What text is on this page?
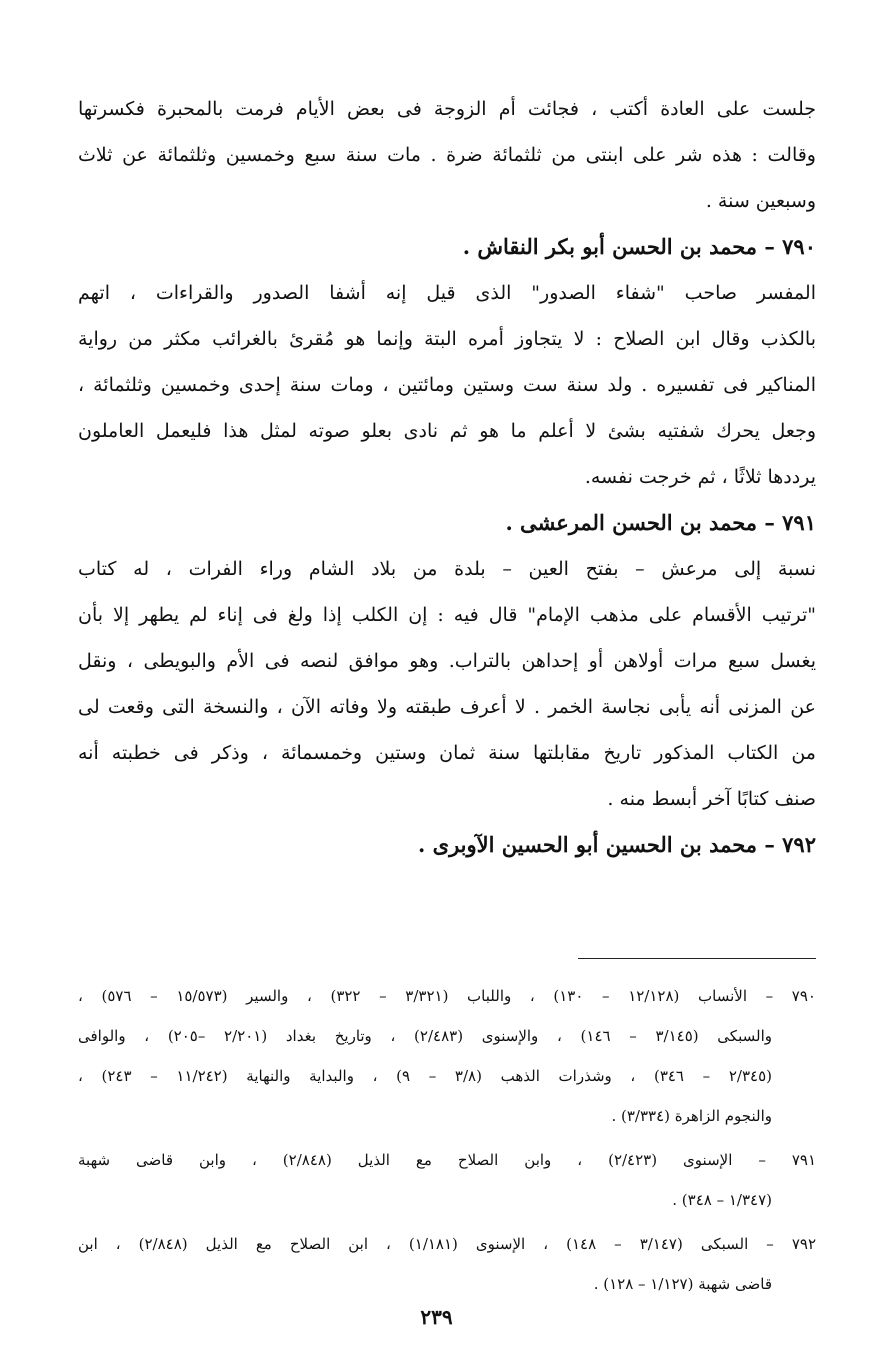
جلست على العادة أكتب ، فجائت أم الزوجة فى بعض الأيام فرمت بالمحبرة فكسرتها
وقالت : هذه شر على ابنتى من ثلثمائة ضرة . مات سنة سبع وخمسين وثلثمائة عن ثلاث
وسبعين سنة .
٧٩٠ – محمد بن الحسن أبو بكر النقاش .
المفسر صاحب "شفاء الصدور" الذى قيل إنه أشفا الصدور والقراءات ، اتهم
بالكذب وقال ابن الصلاح : لا يتجاوز أمره البتة وإنما هو مُقرئ بالغرائب مكثر من رواية
المناكير فى تفسيره . ولد سنة ست وستين ومائتين ، ومات سنة إحدى وخمسين وثلثمائة ،
وجعل يحرك شفتيه بشئ لا أعلم ما هو ثم نادى بعلو صوته لمثل هذا فليعمل العاملون
يرددها ثلاثًا ، ثم خرجت نفسه.
٧٩١ – محمد بن الحسن المرعشى .
نسبة إلى مرعش – بفتح العين – بلدة من بلاد الشام وراء الفرات ، له كتاب
"ترتيب الأقسام على مذهب الإمام" قال فيه : إن الكلب إذا ولغ فى إناء لم يطهر إلا بأن
يغسل سبع مرات أولاهن أو إحداهن بالتراب. وهو موافق لنصه فى الأم والبويطى ، ونقل
عن المزنى أنه يأبى نجاسة الخمر . لا أعرف طبقته ولا وفاته الآن ، والنسخة التى وقعت لى
من الكتاب المذكور تاريخ مقابلتها سنة ثمان وستين وخمسمائة ، وذكر فى خطبته أنه
صنف كتابًا آخر أبسط منه .
٧٩٢ – محمد بن الحسين أبو الحسين الآوبرى .
٧٩٠ – الأنساب (١٢/١٢٨ – ١٣٠) ، واللباب (٣/٣٢١ – ٣٢٢) ، والسير (١٥/٥٧٣ – ٥٧٦) ،
والسبكى (٣/١٤٥ – ١٤٦) ، والإسنوى (٢/٤٨٣) ، وتاريخ بغداد (٢/٢٠١ –٢٠٥) ، والوافى
(٢/٣٤٥ – ٣٤٦) ، وشذرات الذهب (٣/٨ – ٩) ، والبداية والنهاية (١١/٢٤٢ – ٢٤٣) ،
والنجوم الزاهرة (٣/٣٣٤) .
٧٩١ – الإسنوى (٢/٤٢٣) ، وابن الصلاح مع الذيل (٢/٨٤٨) ، وابن قاضى شهبة
(١/٣٤٧ – ٣٤٨) .
٧٩٢ – السبكى (٣/١٤٧ – ١٤٨) ، الإسنوى (١/١٨١) ، ابن الصلاح مع الذيل (٢/٨٤٨) ، ابن
قاضى شهبة (١/١٢٧ – ١٢٨) .
٢٣٩
